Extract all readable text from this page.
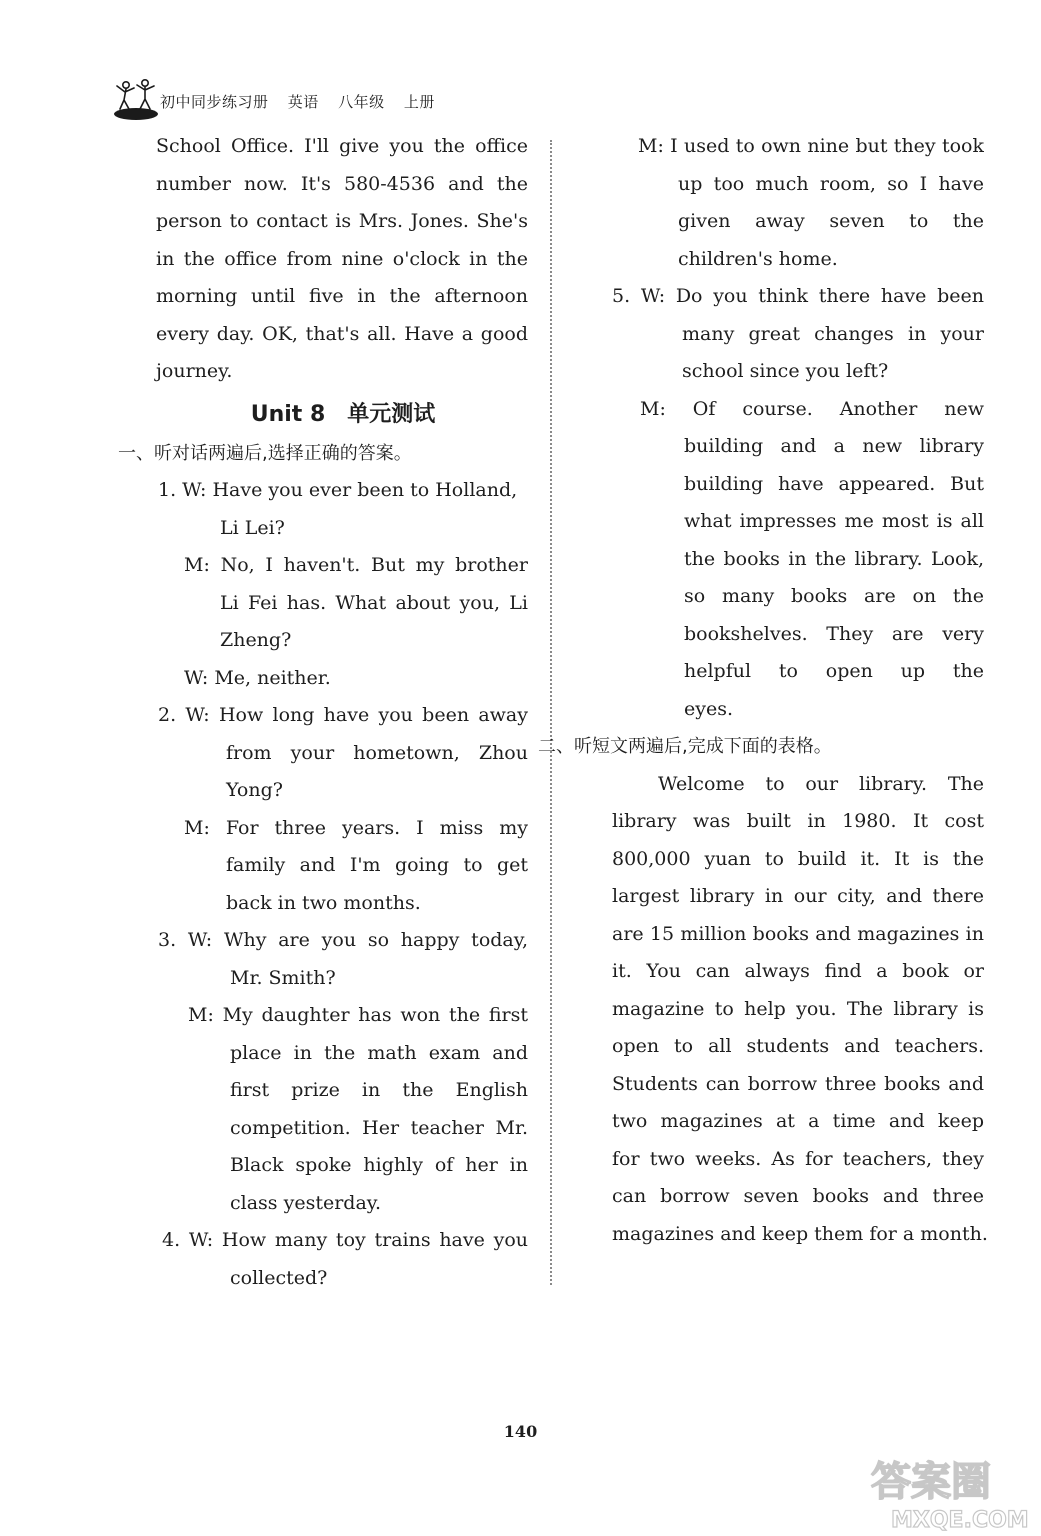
初中同步练习册 英语 八年级 上册
School Office. I'll give you the office
number now. It's 580-4536 and the
person to contact is Mrs. Jones. She's
in the office from nine o'clock in the
morning until five in the afternoon
every day. OK, that's all. Have a good
journey.
Unit 8　单元测试
一、听对话两遍后,选择正确的答案。
1. W: Have you ever been to Holland,
Li Lei?
M: No, I haven't. But my brother
Li Fei has. What about you, Li
Zheng?
W: Me, neither.
2. W: How long have you been away
from your hometown, Zhou
Yong?
M: For three years. I miss my
family and I'm going to get
back in two months.
3. W: Why are you so happy today,
Mr. Smith?
M: My daughter has won the first
place in the math exam and
first prize in the English
competition. Her teacher Mr.
Black spoke highly of her in
class yesterday.
4. W: How many toy trains have you
collected?
M: I used to own nine but they took
up too much room, so I have
given away seven to the
children's home.
5. W: Do you think there have been
many great changes in your
school since you left?
M: Of course. Another new
building and a new library
building have appeared. But
what impresses me most is all
the books in the library. Look,
so many books are on the
bookshelves. They are very
helpful to open up the
eyes.
二、听短文两遍后,完成下面的表格。
Welcome to our library. The
library was built in 1980. It cost
800,000 yuan to build it. It is the
largest library in our city, and there
are 15 million books and magazines in
it. You can always find a book or
magazine to help you. The library is
open to all students and teachers.
Students can borrow three books and
two magazines at a time and keep
for two weeks. As for teachers, they
can borrow seven books and three
magazines and keep them for a month.
140
答案圈
MXQE.COM
